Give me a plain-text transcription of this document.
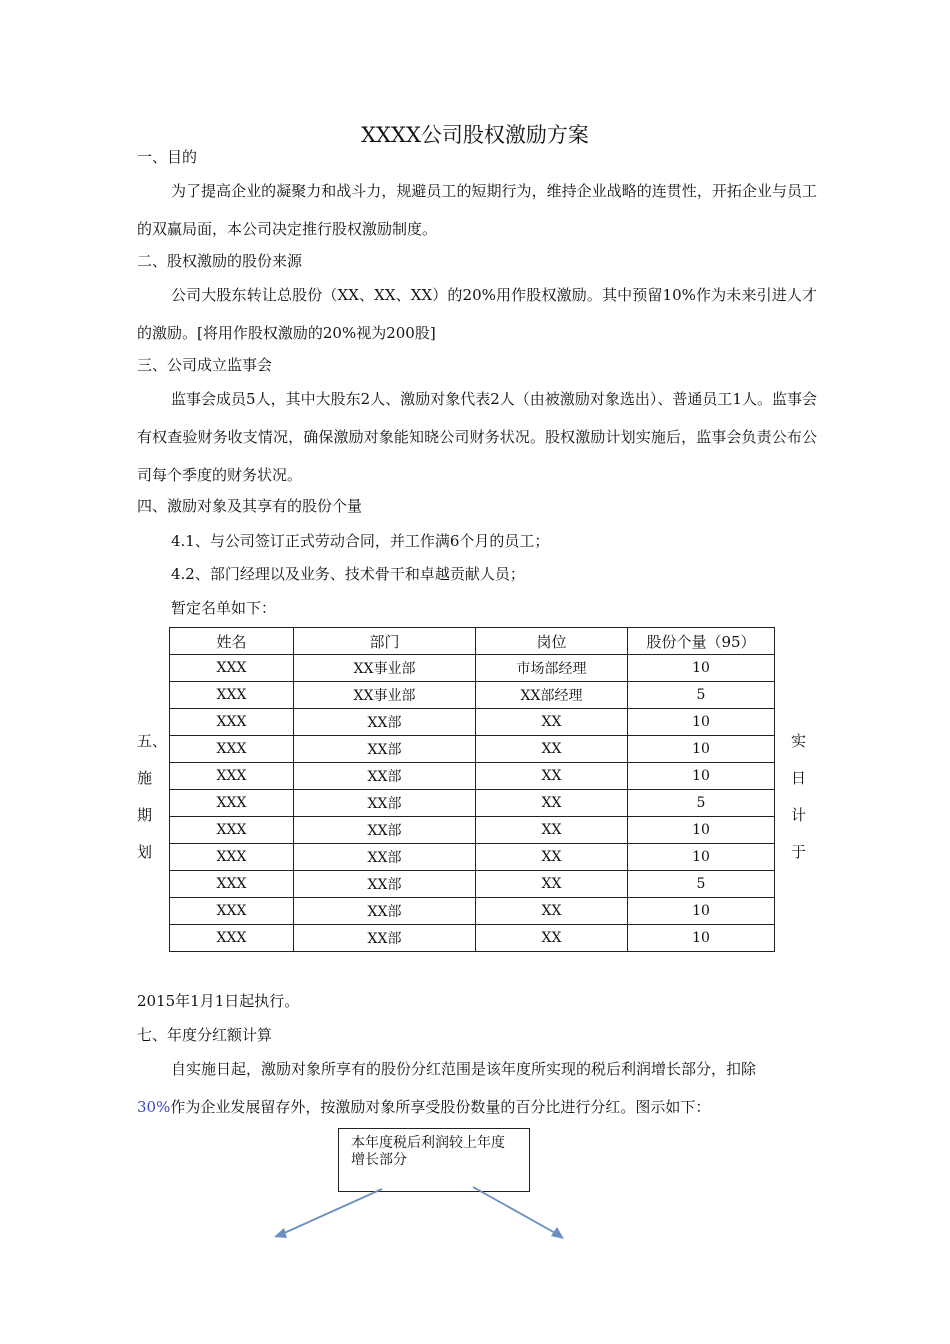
XXXX公司股权激励方案
一、目的
为了提高企业的凝聚力和战斗力，规避员工的短期行为，维持企业战略的连贯性，开拓企业与员工的双赢局面，本公司决定推行股权激励制度。
二、股权激励的股份来源
公司大股东转让总股份（XX、XX、XX）的20%用作股权激励。其中预留10%作为未来引进人才的激励。[将用作股权激励的20%视为200股]
三、公司成立监事会
监事会成员5人，其中大股东2人、激励对象代表2人（由被激励对象选出）、普通员工1人。监事会有权查验财务收支情况，确保激励对象能知晓公司财务状况。股权激励计划实施后，监事会负责公布公司每个季度的财务状况。
四、激励对象及其享有的股份个量
4.1、与公司签订正式劳动合同，并工作满6个月的员工；
4.2、部门经理以及业务、技术骨干和卓越贡献人员；
暂定名单如下：
姓名	部门	岗位	股份个量（95）
XXX	XX事业部	市场部经理	10
XXX	XX事业部	XX部经理	5
XXX	XX部	XX	10
XXX	XX部	XX	10
XXX	XX部	XX	10
XXX	XX部	XX	5
XXX	XX部	XX	10
XXX	XX部	XX	10
XXX	XX部	XX	5
XXX	XX部	XX	10
XXX	XX部	XX	10
五、
施
期
划
实
日
计
于
2015年1月1日起执行。
七、年度分红额计算
自实施日起，激励对象所享有的股份分红范围是该年度所实现的税后利润增长部分，扣除
30%作为企业发展留存外，按激励对象所享受股份数量的百分比进行分红。图示如下：
本年度税后利润较上年度增长部分
